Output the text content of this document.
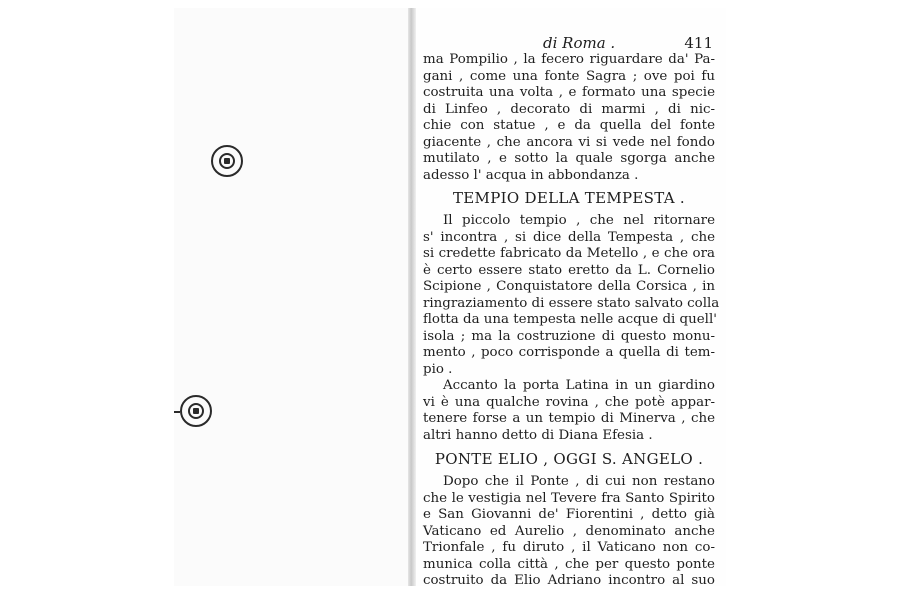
di Roma .	411
ma Pompilio , la fecero riguardare da' Pa-
gani , come una fonte Sagra ; ove poi fu
costruita una volta , e formato una specie
di Linfeo , decorato di marmi , di nic-
chie con statue , e da quella del fonte
giacente , che ancora vi si vede nel fondo
mutilato , e sotto la quale sgorga anche
adesso l' acqua in abbondanza .
TEMPIO DELLA TEMPESTA .
Il piccolo tempio , che nel ritornare
s' incontra , si dice della Tempesta , che
si credette fabricato da Metello , e che ora
è certo essere stato eretto da L. Cornelio
Scipione , Conquistatore della Corsica , in
ringraziamento di essere stato salvato colla
flotta da una tempesta nelle acque di quell'
isola ; ma la costruzione di questo monu-
mento , poco corrisponde a quella di tem-
pio .
Accanto la porta Latina in un giardino
vi è una qualche rovina , che potè appar-
tenere forse a un tempio di Minerva , che
altri hanno detto di Diana Efesia .
PONTE ELIO , OGGI S. ANGELO .
Dopo che il Ponte , di cui non restano
che le vestigia nel Tevere fra Santo Spirito
e San Giovanni de' Fiorentini , detto già
Vaticano ed Aurelio , denominato anche
Trionfale , fu diruto , il Vaticano non co-
munica colla città , che per questo ponte
costruito da Elio Adriano incontro al suo
